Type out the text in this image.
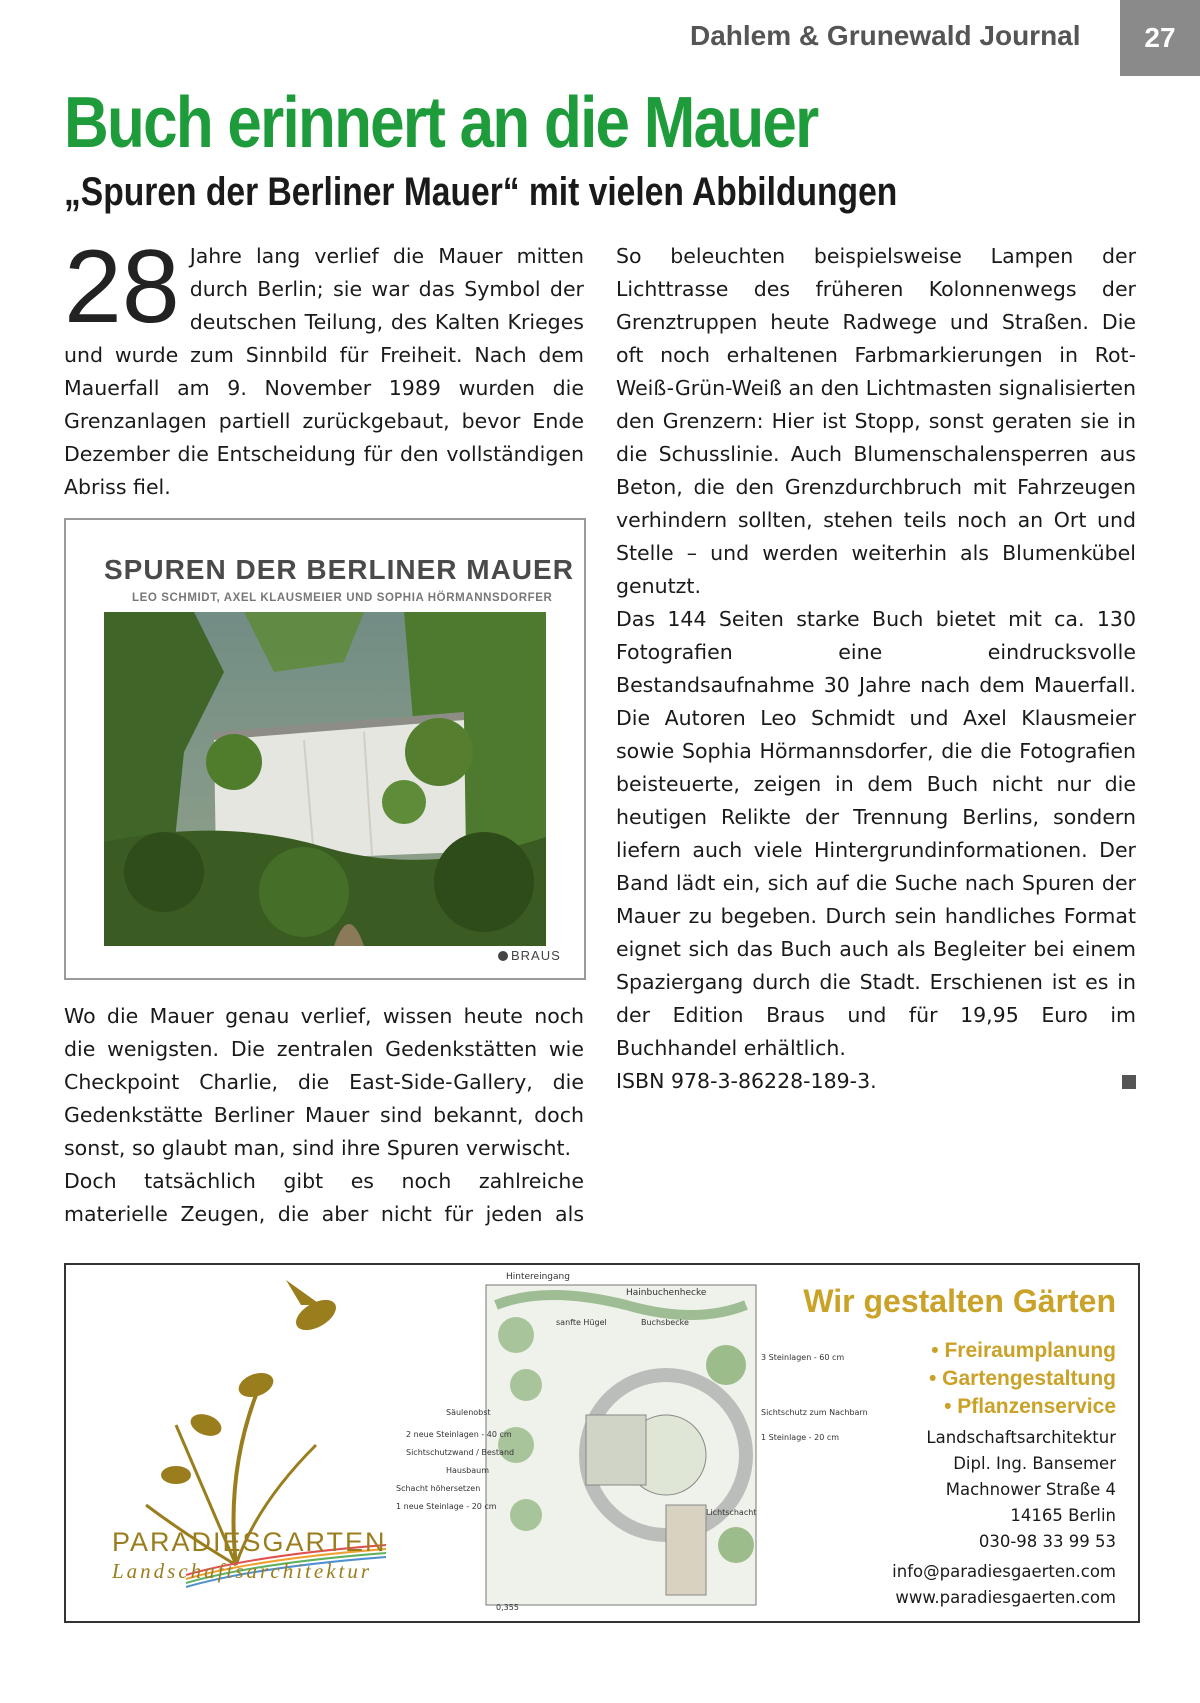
Dahlem & Grunewald Journal	27
Buch erinnert an die Mauer
„Spuren der Berliner Mauer“ mit vielen Abbildungen
28 Jahre lang verlief die Mauer mitten durch Berlin; sie war das Symbol der deutschen Teilung, des Kalten Krieges und wurde zum Sinnbild für Freiheit. Nach dem Mauerfall am 9. November 1989 wurden die Grenzanlagen partiell zurückgebaut, bevor Ende Dezember die Entscheidung für den vollständigen Abriss fiel.

SPUREN DER BERLINER MAUER
LEO SCHMIDT, AXEL KLAUSMEIER UND SOPHIA HÖRMANNSDORFER
BRAUS

Wo die Mauer genau verlief, wissen heute noch die wenigsten. Die zentralen Gedenkstätten wie Checkpoint Charlie, die East-Side-Gallery, die Gedenkstätte Berliner Mauer sind bekannt, doch sonst, so glaubt man, sind ihre Spuren verwischt.

Doch tatsächlich gibt es noch zahlreiche materielle Zeugen, die aber nicht für jeden als

So beleuchten beispielsweise Lampen der Lichttrasse des früheren Kolonnenwegs der Grenztruppen heute Radwege und Straßen. Die oft noch erhaltenen Farbmarkierungen in Rot-Weiß-Grün-Weiß an den Lichtmasten signalisierten den Grenzern: Hier ist Stopp, sonst geraten sie in die Schusslinie. Auch Blumenschalensperren aus Beton, die den Grenzdurchbruch mit Fahrzeugen verhindern sollten, stehen teils noch an Ort und Stelle – und werden weiterhin als Blumenkübel genutzt.

Das 144 Seiten starke Buch bietet mit ca. 130 Fotografien eine eindrucksvolle Bestandsaufnahme 30 Jahre nach dem Mauerfall. Die Autoren Leo Schmidt und Axel Klausmeier sowie Sophia Hörmannsdorfer, die die Fotografien beisteuerte, zeigen in dem Buch nicht nur die heutigen Relikte der Trennung Berlins, sondern liefern auch viele Hintergrundinformationen. Der Band lädt ein, sich auf die Suche nach Spuren der Mauer zu begeben. Durch sein handliches Format eignet sich das Buch auch als Begleiter bei einem Spaziergang durch die Stadt. Erschienen ist es in der Edition Braus und für 19,95 Euro im Buchhandel erhältlich.

ISBN 978-3-86228-189-3.

PARADIESGARTEN
Landschaftsarchitektur
Hintereingang
Hainbuchenhecke
sanfte Hügel	Buchsbecke
3 Steinlagen - 60 cm
Sichtschutz zum Nachbarn
Säulenobst
2 neue Steinlagen - 40 cm
Sichtschutzwand / Bestand
1 Steinlage - 20 cm
Hausbaum
Schacht höhersetzen
1 neue Steinlage - 20 cm
Lichtschacht
0,355
Wir gestalten Gärten
• Freiraumplanung
• Gartengestaltung
• Pflanzenservice
Landschaftsarchitektur
Dipl. Ing. Bansemer
Machnower Straße 4
14165 Berlin
030-98 33 99 53
info@paradiesgaerten.com
www.paradiesgaerten.com
